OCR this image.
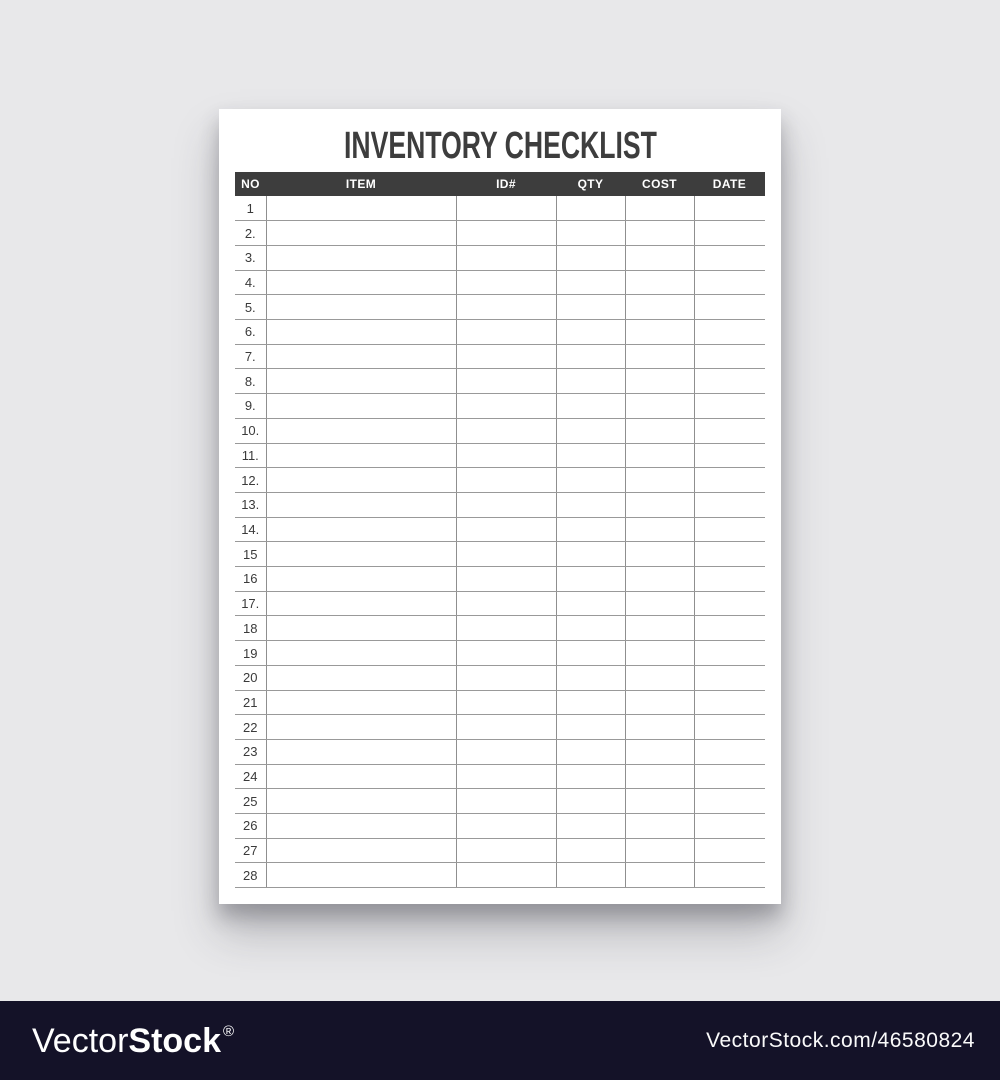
INVENTORY CHECKLIST
NO	ITEM	ID#	QTY	COST	DATE
1					
2.					
3.					
4.					
5.					
6.					
7.					
8.					
9.					
10.					
11.					
12.					
13.					
14.					
15					
16					
17.					
18					
19					
20					
21					
22					
23					
24					
25					
26					
27					
28					
VectorStock ®	VectorStock.com/46580824
